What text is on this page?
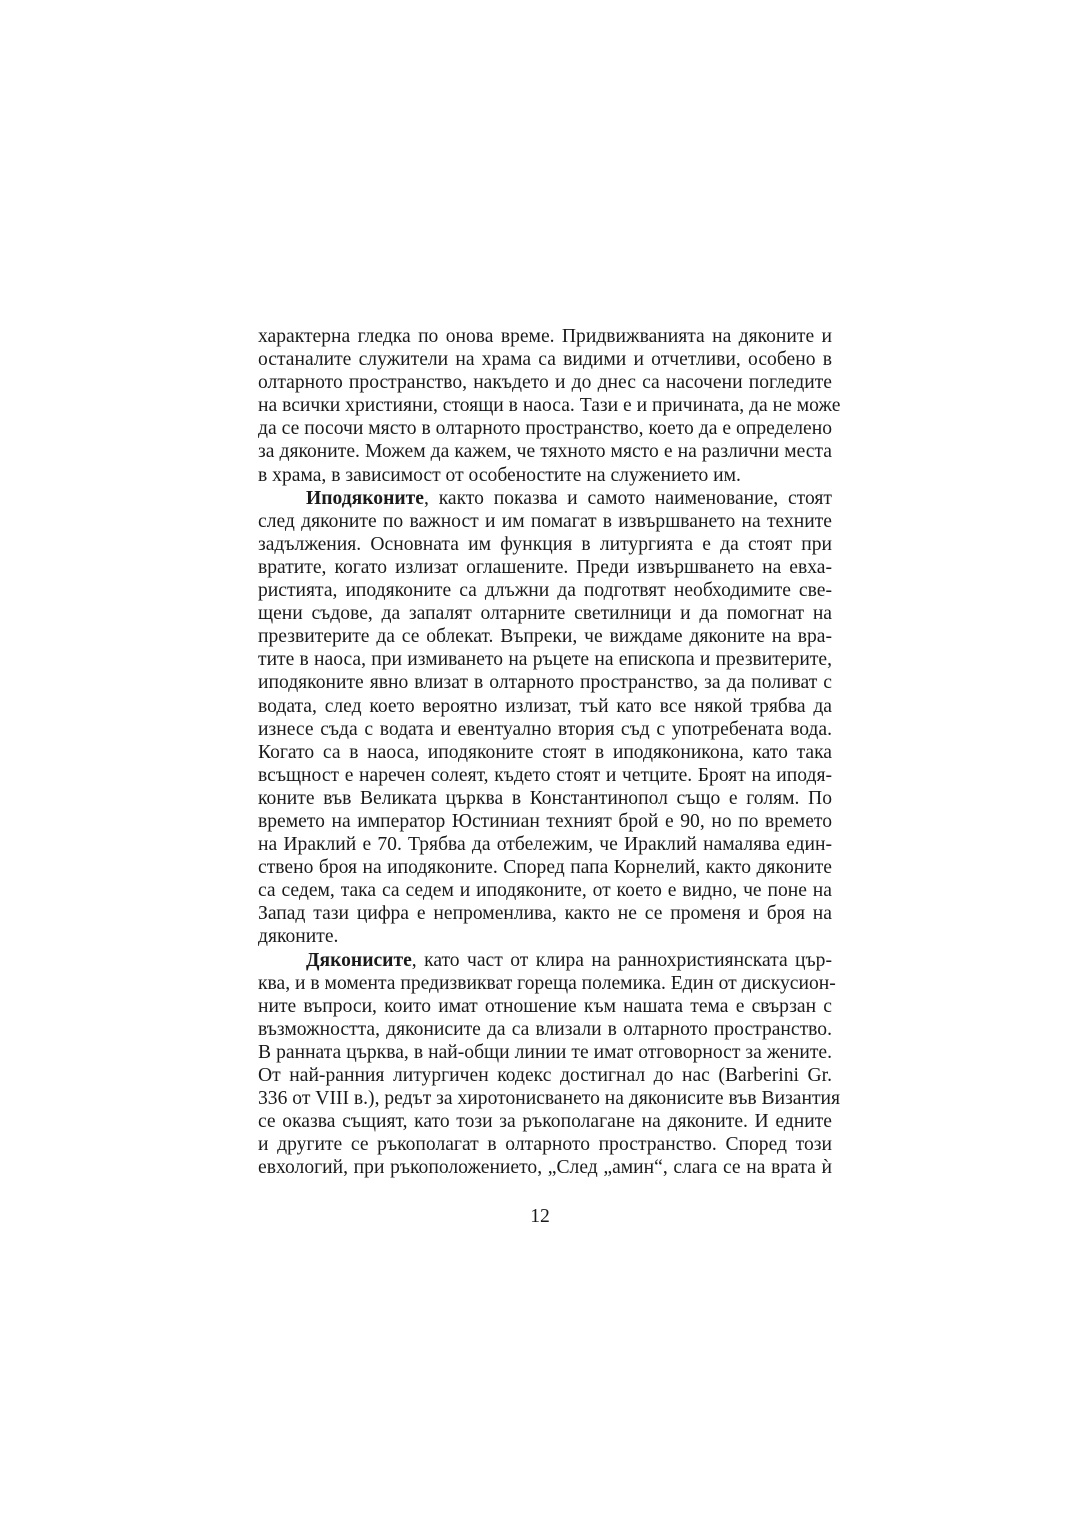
характерна гледка по онова време. Придвижванията на дяконите и
останалите служители на храма са видими и отчетливи, особено в
олтарното пространство, накъдето и до днес са насочени погледите
на всички християни, стоящи в наоса. Тази е и причината, да не може
да се посочи място в олтарното пространство, което да е определено
за дяконите. Можем да кажем, че тяхното място е на различни места
в храма, в зависимост от особеностите на служението им.
Иподяконите, както показва и самото наименование, стоят
след дяконите по важност и им помагат в извършването на техните
задължения. Основната им функция в литургията е да стоят при
вратите, когато излизат оглашените. Преди извършването на евха-
ристията, иподяконите са длъжни да подготвят необходимите све-
щени съдове, да запалят олтарните светилници и да помогнат на
презвитерите да се облекат. Въпреки, че виждаме дяконите на вра-
тите в наоса, при измиването на ръцете на епископа и презвитерите,
иподяконите явно влизат в олтарното пространство, за да поливат с
водата, след което вероятно излизат, тъй като все някой трябва да
изнесе съда с водата и евентуално втория съд с употребената вода.
Когато са в наоса, иподяконите стоят в иподяконикона, като така
всъщност е наречен солеят, където стоят и четците. Броят на иподя-
коните във Великата църква в Константинопол също е голям. По
времето на император Юстиниан техният брой е 90, но по времето
на Ираклий е 70. Трябва да отбележим, че Ираклий намалява един-
ствено броя на иподяконите. Според папа Корнелий, както дяконите
са седем, така са седем и иподяконите, от което е видно, че поне на
Запад тази цифра е непроменлива, както не се променя и броя на
дяконите.
Дяконисите, като част от клира на раннохристиянската цър-
ква, и в момента предизвикват гореща полемика. Един от дискусион-
ните въпроси, които имат отношение към нашата тема е свързан с
възможността, дяконисите да са влизали в олтарното пространство.
В ранната църква, в най-общи линии те имат отговорност за жените.
От най-ранния литургичен кодекс достигнал до нас (Barberini Gr.
336 от VIII в.), редът за хиротонисването на дяконисите във Византия
се оказва същият, като този за ръкополагане на дяконите. И едните
и другите се ръкополагат в олтарното пространство. Според този
евхологий, при ръкоположението, „След „амин“, слага се на врата ѝ
12
